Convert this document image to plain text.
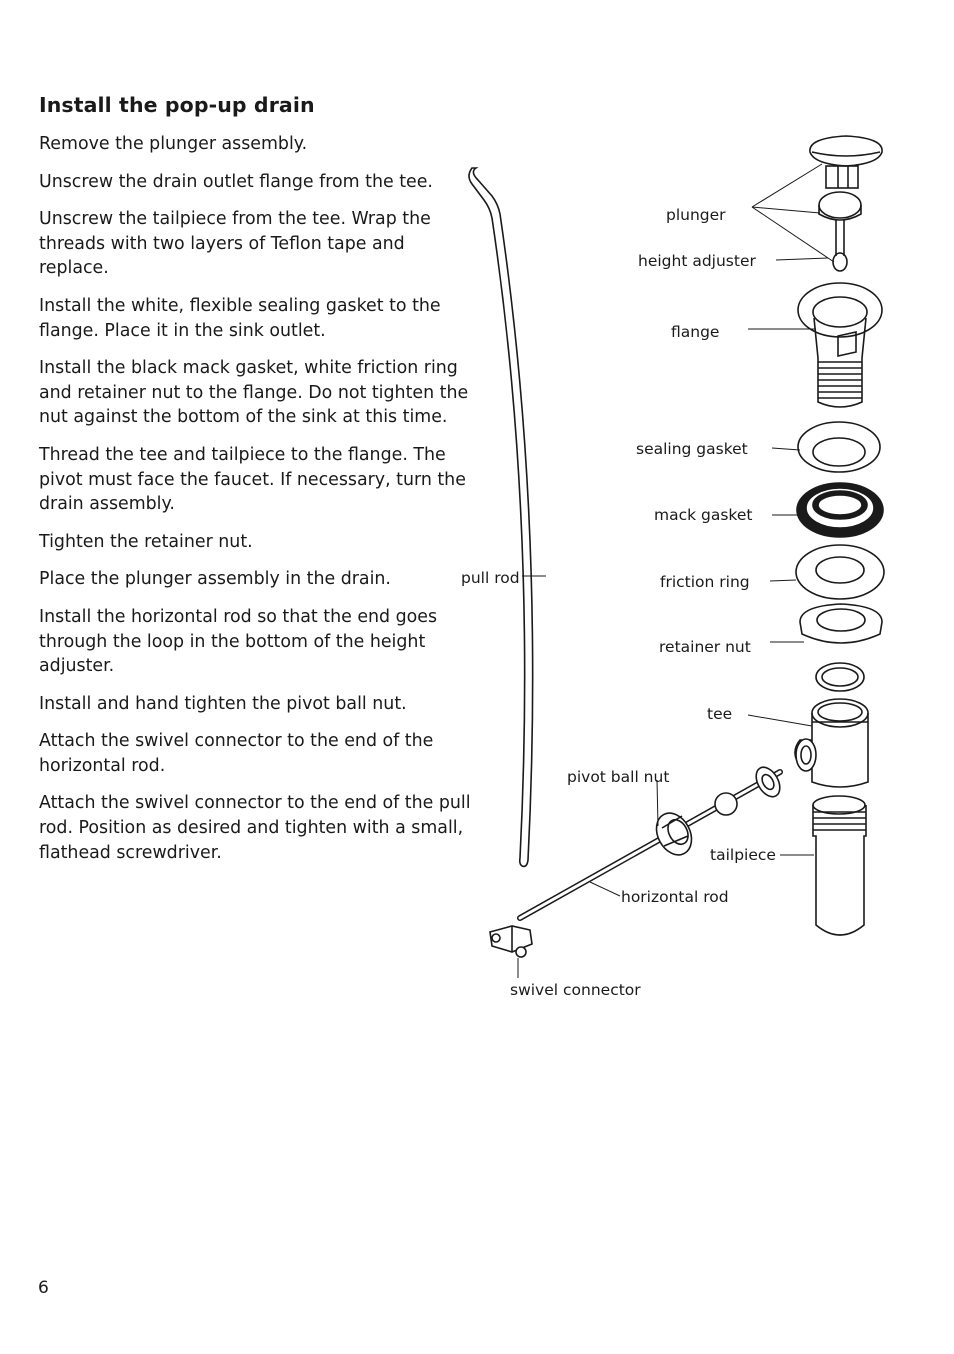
Install the pop-up drain
Remove the plunger assembly.
Unscrew the drain outlet flange from the tee.
Unscrew the tailpiece from the tee. Wrap the threads with two layers of Teflon tape and replace.
Install the white, flexible sealing gasket to the flange. Place it in the sink outlet.
Install the black mack gasket, white friction ring and retainer nut to the flange. Do not tighten the nut against the bottom of the sink at this time.
Thread the tee and tailpiece to the flange. The pivot must face the faucet. If necessary, turn the drain assembly.
Tighten the retainer nut.
Place the plunger assembly in the drain.
Install the horizontal rod so that the end goes through the loop in the bottom of the height adjuster.
Install and hand tighten the pivot ball nut.
Attach the swivel connector to the end of the horizontal rod.
Attach the swivel connector to the end of the pull rod. Position as desired and tighten with a small, flathead screwdriver.
plunger
height adjuster
flange
sealing gasket
mack gasket
friction ring
retainer nut
tee
pull rod
pivot ball nut
tailpiece
horizontal rod
swivel connector
6
